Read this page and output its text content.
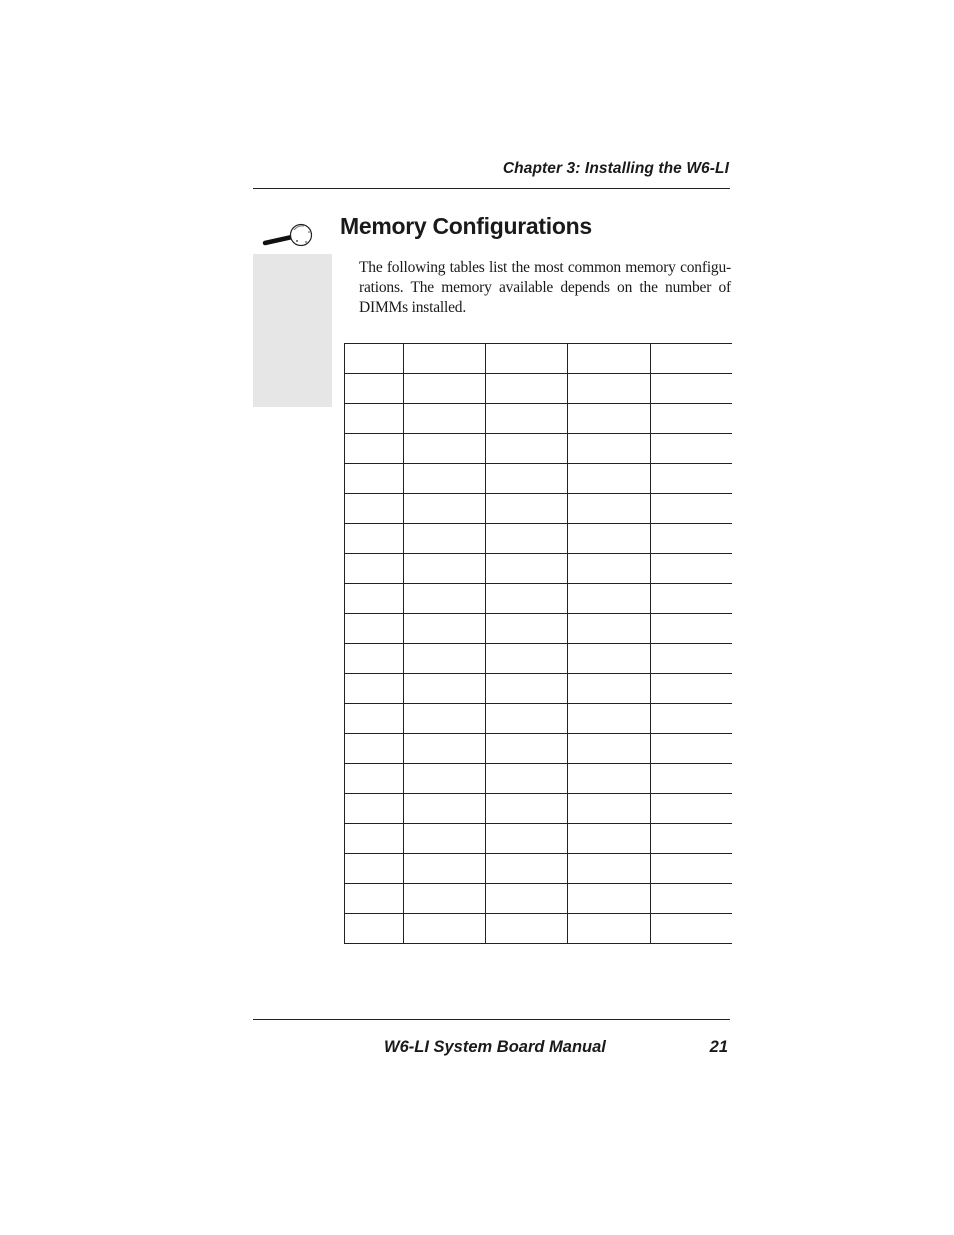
Chapter 3: Installing the W6-LI
Memory Configurations
The following tables list the most common memory configu-rations. The memory available depends on the number of DIMMs installed.

W6-LI System Board Manual	21
